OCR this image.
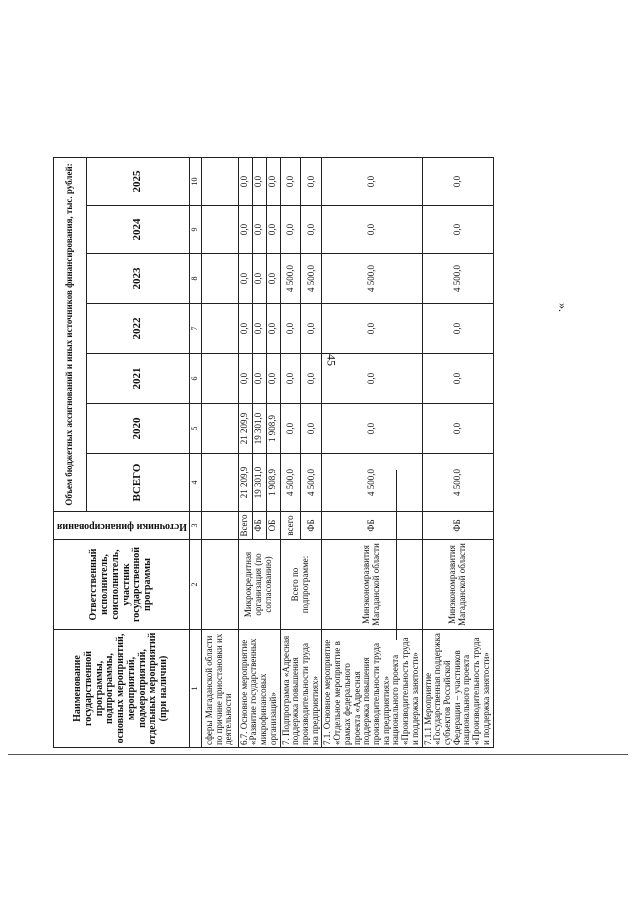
45
Наименование государственной программы, подпрограммы, основных мероприятий, мероприятий, подмероприятий, отдельных мероприятий (при наличии)	Ответственный исполнитель, соисполнитель, участник государственной программы	Источники финансирования	Объем бюджетных ассигнований и иных источников финансирования, тыс. рублей:						
			ВСЕГО	2020	2021	2022	2023	2024	2025
1	2	3	4	5	6	7	8	9	10
сферы Магаданской области по причине приостановки их деятельности									
6.7. Основное мероприятие «Развитие государственных микрофинансовых организаций»	Микрокредитная организация (по согласованию)	Всего	21 209,9	21 209,9	0,0	0,0	0,0	0,0	0,0
		ФБ	19 301,0	19 301,0	0,0	0,0	0,0	0,0	0,0
		ОБ	1 908,9	1 908,9	0,0	0,0	0,0	0,0	0,0
7. Подпрограмма «Адресная поддержка повышения производительности труда на предприятиях»	Всего по подпрограмме:	всего	4 500,0	0,0	0,0	0,0	4 500,0	0,0	0,0
		ФБ	4 500,0	0,0	0,0	0,0	4 500,0	0,0	0,0
7.1. Основное мероприятие «Отдельное мероприятие в рамках федерального проекта «Адресная поддержка повышения производительности труда на предприятиях» национального проекта «Производительность труда и поддержка занятости»	Минэкономразвития Магаданской области	ФБ	4 500,0	0,0	0,0	0,0	4 500,0	0,0	0,0
7.1.1 Мероприятие «Государственная поддержка субъектов Российской Федерации – участников национального проекта «Производительность труда и поддержка занятости»	Минэкономразвития Магаданской области	ФБ	4 500,0	0,0	0,0	0,0	4 500,0	0,0	0,0
».
